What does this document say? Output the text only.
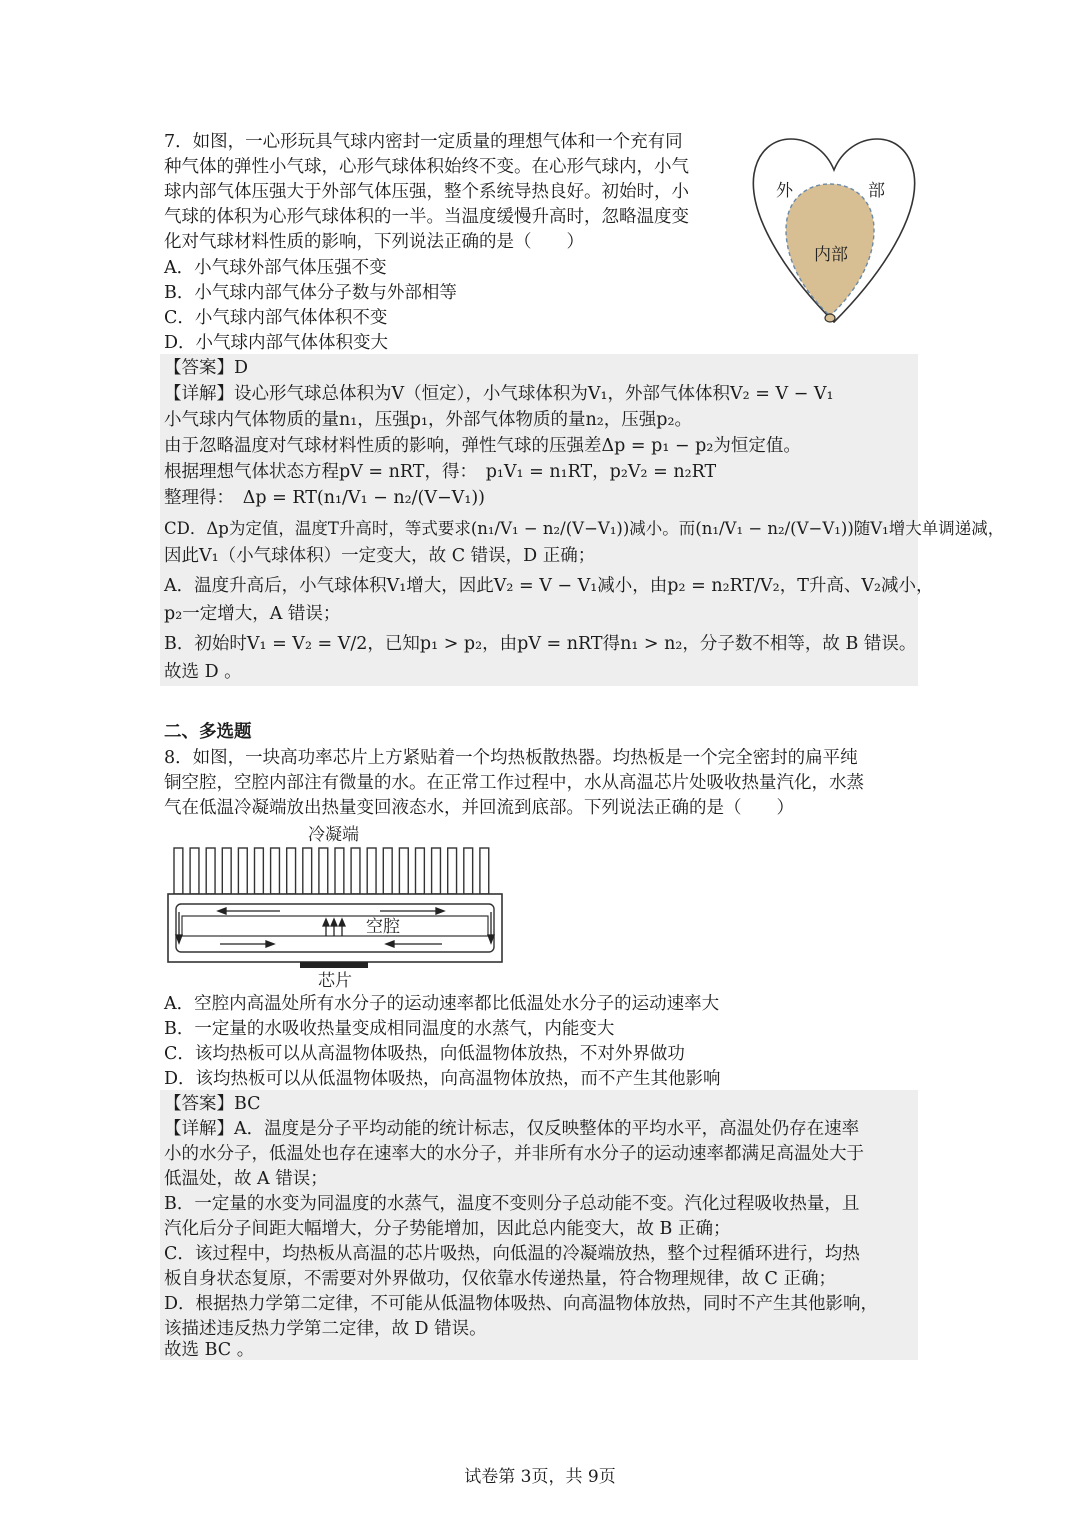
7．如图，一心形玩具气球内密封一定质量的理想气体和一个充有同
种气体的弹性小气球，心形气球体积始终不变。在心形气球内，小气
球内部气体压强大于外部气体压强，整个系统导热良好。初始时，小
气球的体积为心形气球体积的一半。当温度缓慢升高时，忽略温度变
化对气球材料性质的影响，下列说法正确的是（　　）
A．小气球外部气体压强不变
B．小气球内部气体分子数与外部相等
C．小气球内部气体体积不变
D．小气球内部气体体积变大
外	部
内部
【答案】D
【详解】设心形气球总体积为V（恒定），小气球体积为V₁，外部气体体积V₂ = V − V₁
小气球内气体物质的量n₁，压强p₁，外部气体物质的量n₂，压强p₂。
由于忽略温度对气球材料性质的影响，弹性气球的压强差Δp = p₁ − p₂为恒定值。
根据理想气体状态方程pV = nRT，得：　p₁V₁ = n₁RT，p₂V₂ = n₂RT
整理得：　Δp = RT(n₁/V₁ − n₂/(V−V₁))
CD．Δp为定值，温度T升高时，等式要求(n₁/V₁ − n₂/(V−V₁))减小。而(n₁/V₁ − n₂/(V−V₁))随V₁增大单调递减，
因此V₁（小气球体积）一定变大，故 C 错误，D 正确；
A．温度升高后，小气球体积V₁增大，因此V₂ = V − V₁减小，由p₂ = n₂RT/V₂，T升高、V₂减小，
p₂一定增大，A 错误；
B．初始时V₁ = V₂ = V/2，已知p₁ > p₂，由pV = nRT得n₁ > n₂，分子数不相等，故 B 错误。
故选 D 。
二、多选题
8．如图，一块高功率芯片上方紧贴着一个均热板散热器。均热板是一个完全密封的扁平纯
铜空腔，空腔内部注有微量的水。在正常工作过程中，水从高温芯片处吸收热量汽化，水蒸
气在低温冷凝端放出热量变回液态水，并回流到底部。下列说法正确的是（　　）
冷凝端
空腔
芯片
A．空腔内高温处所有水分子的运动速率都比低温处水分子的运动速率大
B．一定量的水吸收热量变成相同温度的水蒸气，内能变大
C．该均热板可以从高温物体吸热，向低温物体放热，不对外界做功
D．该均热板可以从低温物体吸热，向高温物体放热，而不产生其他影响
【答案】BC
【详解】A．温度是分子平均动能的统计标志，仅反映整体的平均水平，高温处仍存在速率
小的水分子，低温处也存在速率大的水分子，并非所有水分子的运动速率都满足高温处大于
低温处，故 A 错误；
B．一定量的水变为同温度的水蒸气，温度不变则分子总动能不变。汽化过程吸收热量，且
汽化后分子间距大幅增大，分子势能增加，因此总内能变大，故 B 正确；
C．该过程中，均热板从高温的芯片吸热，向低温的冷凝端放热，整个过程循环进行，均热
板自身状态复原，不需要对外界做功，仅依靠水传递热量，符合物理规律，故 C 正确；
D．根据热力学第二定律，不可能从低温物体吸热、向高温物体放热，同时不产生其他影响，
该描述违反热力学第二定律，故 D 错误。
故选 BC 。
试卷第 3页，共 9页
